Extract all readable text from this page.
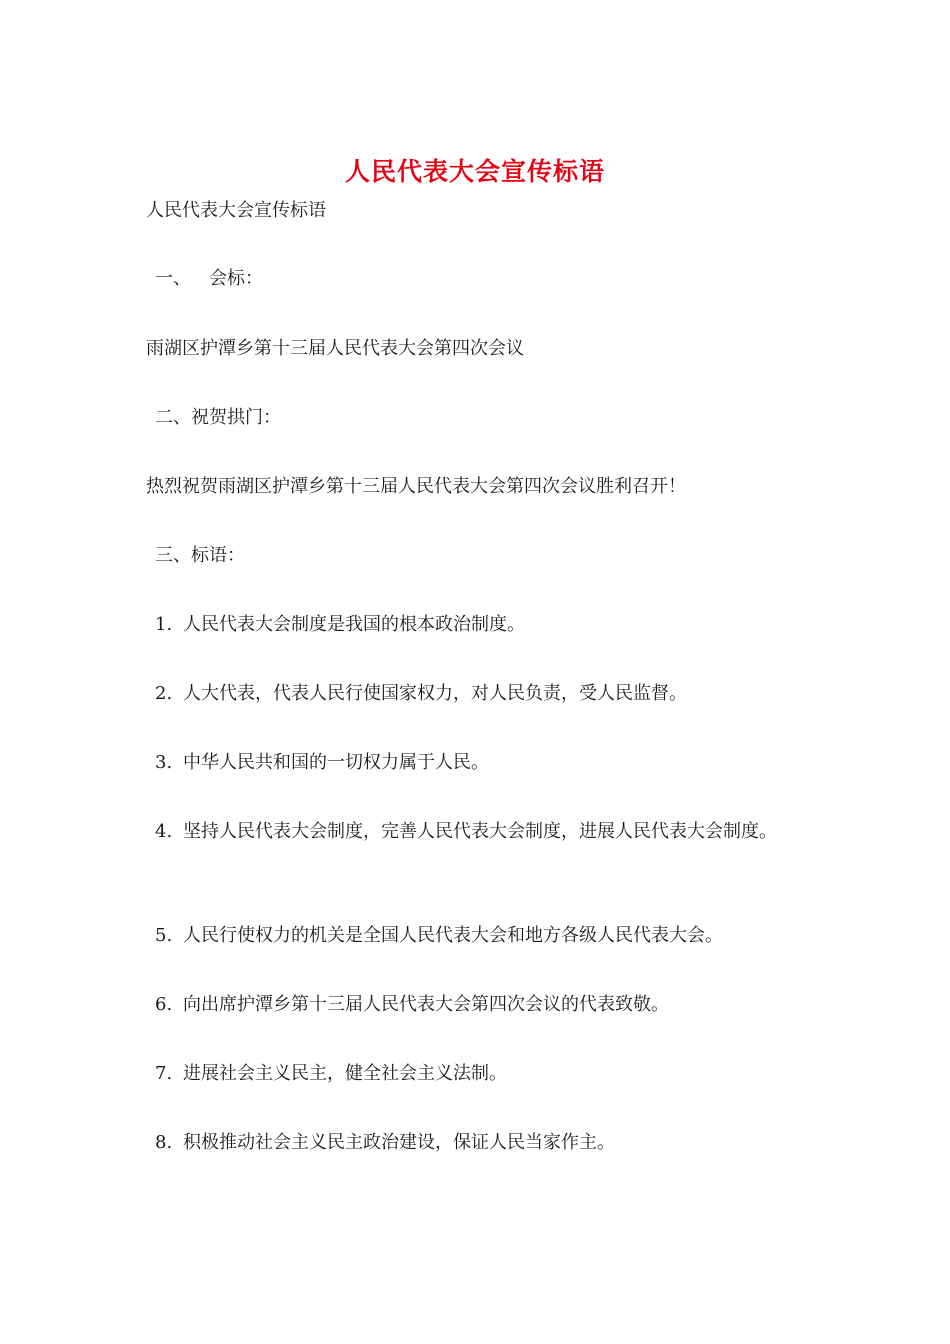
人民代表大会宣传标语
人民代表大会宣传标语
一、 会标：
雨湖区护潭乡第十三届人民代表大会第四次会议
二、祝贺拱门：
热烈祝贺雨湖区护潭乡第十三届人民代表大会第四次会议胜利召开！
三、标语：
1. 人民代表大会制度是我国的根本政治制度。
2. 人大代表，代表人民行使国家权力，对人民负责，受人民监督。
3. 中华人民共和国的一切权力属于人民。
4. 坚持人民代表大会制度，完善人民代表大会制度，进展人民代表大会制度。
5. 人民行使权力的机关是全国人民代表大会和地方各级人民代表大会。
6. 向出席护潭乡第十三届人民代表大会第四次会议的代表致敬。
7. 进展社会主义民主，健全社会主义法制。
8. 积极推动社会主义民主政治建设，保证人民当家作主。
